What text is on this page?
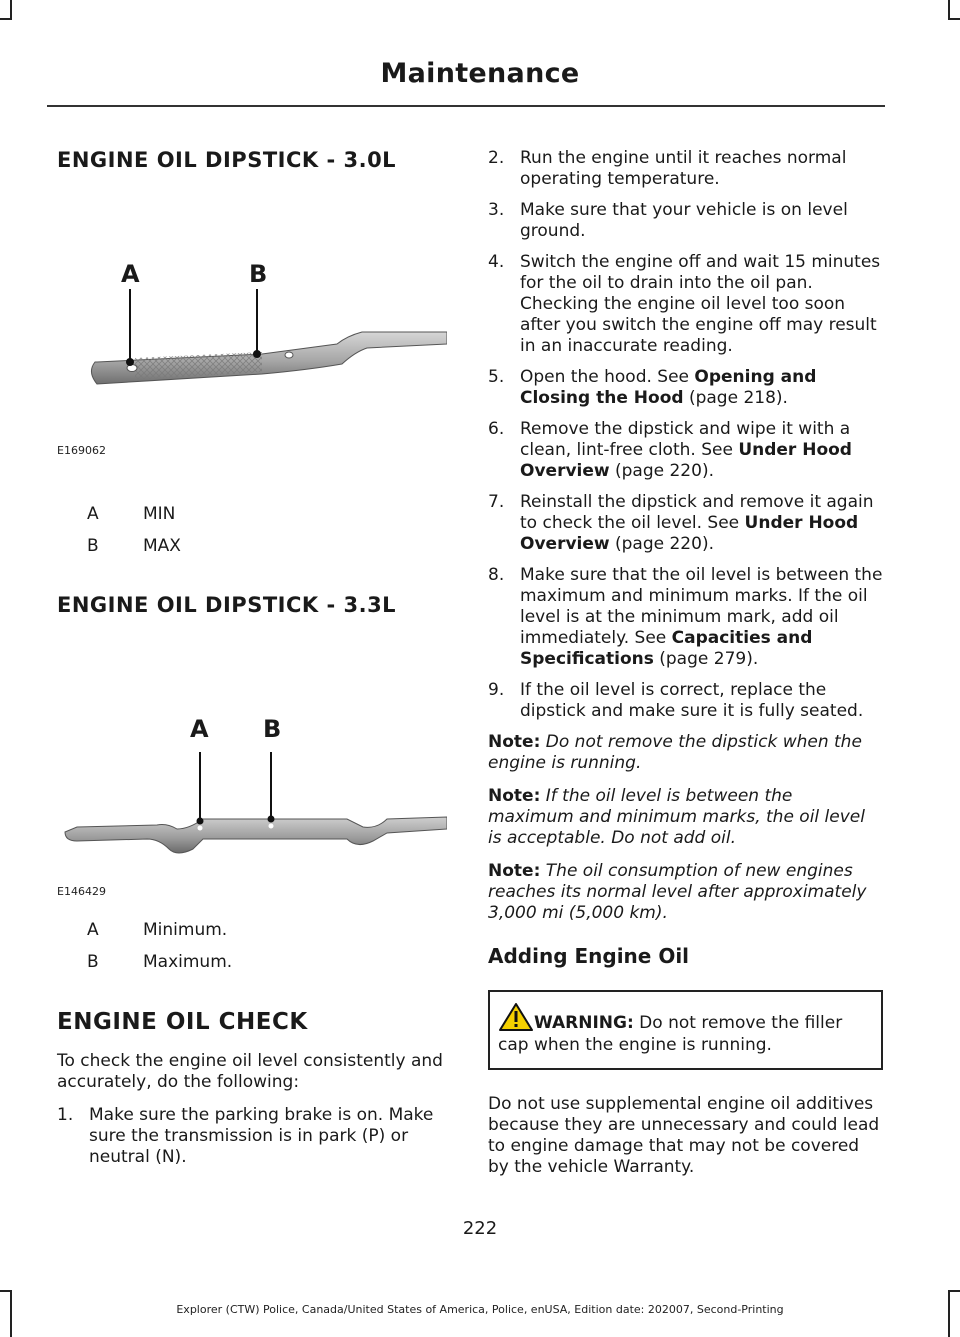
Maintenance
ENGINE OIL DIPSTICK - 3.0L
A	B
E169062
A	MIN
B	MAX
ENGINE OIL DIPSTICK - 3.3L
A B
E146429
A	Minimum.
B	Maximum.
ENGINE OIL CHECK

To check the engine oil level consistently and accurately, do the following:

1. Make sure the parking brake is on. Make sure the transmission is in park (P) or neutral (N).
2. Run the engine until it reaches normal operating temperature.
3. Make sure that your vehicle is on level ground.
4. Switch the engine off and wait 15 minutes for the oil to drain into the oil pan. Checking the engine oil level too soon after you switch the engine off may result in an inaccurate reading.
5. Open the hood. See Opening and Closing the Hood (page 218).
6. Remove the dipstick and wipe it with a clean, lint-free cloth. See Under Hood Overview (page 220).
7. Reinstall the dipstick and remove it again to check the oil level. See Under Hood Overview (page 220).
8. Make sure that the oil level is between the maximum and minimum marks. If the oil level is at the minimum mark, add oil immediately. See Capacities and Specifications (page 279).
9. If the oil level is correct, replace the dipstick and make sure it is fully seated.

Note: Do not remove the dipstick when the engine is running.

Note: If the oil level is between the maximum and minimum marks, the oil level is acceptable. Do not add oil.

Note: The oil consumption of new engines reaches its normal level after approximately 3,000 mi (5,000 km).

Adding Engine Oil
WARNING: Do not remove the filler cap when the engine is running.

Do not use supplemental engine oil additives because they are unnecessary and could lead to engine damage that may not be covered by the vehicle Warranty.

222
Explorer (CTW) Police, Canada/United States of America, Police, enUSA, Edition date: 202007, Second-Printing
